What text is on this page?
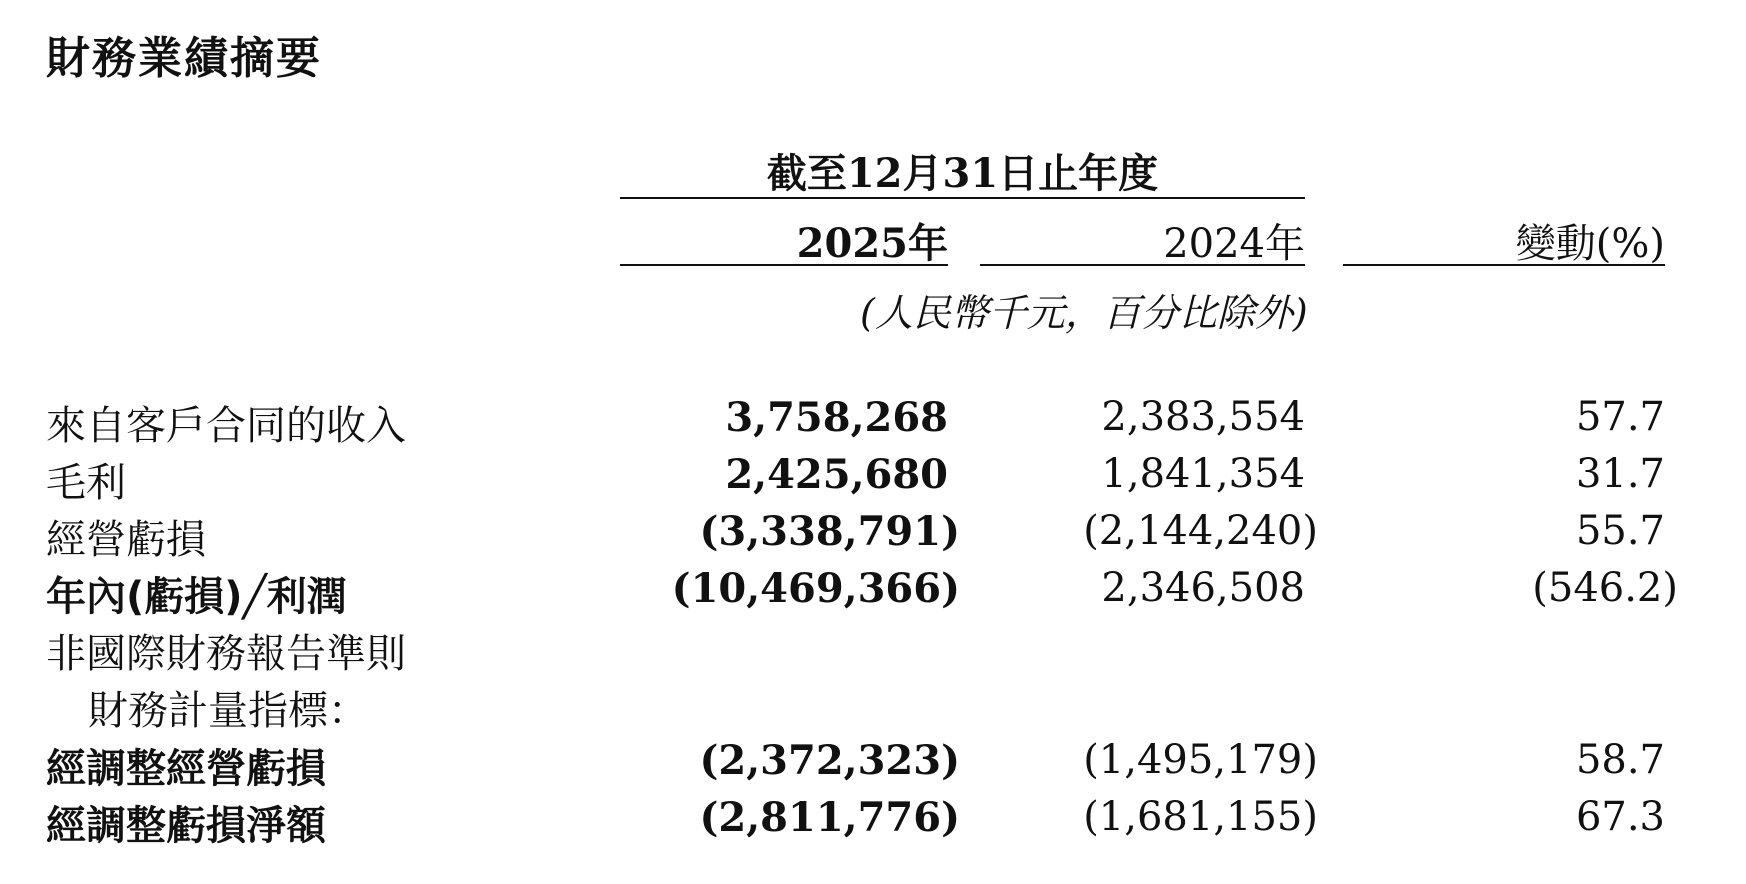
財務業績摘要
截至12月31日止年度
2025年	2024年	變動(%)
(人民幣千元，百分比除外)
來自客戶合同的收入	3,758,268	2,383,554	57.7
毛利	2,425,680	1,841,354	31.7
經營虧損	(3,338,791)	(2,144,240)	55.7
年內(虧損)╱利潤	(10,469,366)	2,346,508	(546.2)
非國際財務報告準則
財務計量指標：
經調整經營虧損	(2,372,323)	(1,495,179)	58.7
經調整虧損淨額	(2,811,776)	(1,681,155)	67.3
